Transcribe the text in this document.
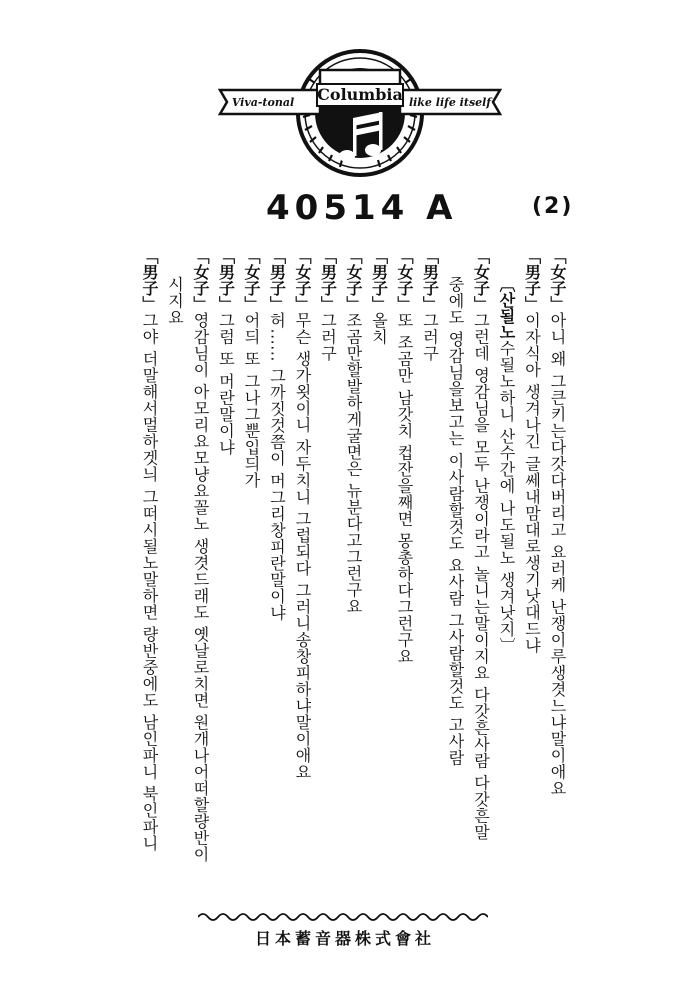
Columbia
Viva-tonal	like life itself
40514 A	(2)
「女子」아니 왜 그큰키는다갓다버리고 요러케 난쟁이루생겻느냐말이애요
「男子」이자식아 생겨나긴 글쎄내맘대로생기낫대드냐
〔산될노수될노하니 산수간에 나도될노 생겨낫지〕
「女子」그런데 영감님을 모두 난쟁이라고 놀니는말이지요 다갓흔사람 다갓흔말
중에도 영감님을보고는 이사람할것도 요사람 그사람할것도 고사람
「男子」그러구
「女子」또 조곰만 남갓치 컵잔을째면 몽총하다그런구요
「男子」올치
「女子」조곰만할발하게굴면은 뉴분다고그런구요
「男子」그러구
「女子」무슨 생가욋이니 자두치니 그럽되다 그러니송창피하냐말이애요
「男子」허...... 그까짓것쯤이 머그리창피란말이냐
「女子」어듸 또 그나그뿐입듸가
「男子」그럼 또 머란말이냐
「女子」영감님이 아모리요모냥요꼴노 생겻드래도 옛날로치면 원개나어떠할량반이
시지요
「男子」그야 더말해서멀하겟늬 그떠시될노말하면 량반중에도 남인파니 북인파니
日本蓄音器株式會社
